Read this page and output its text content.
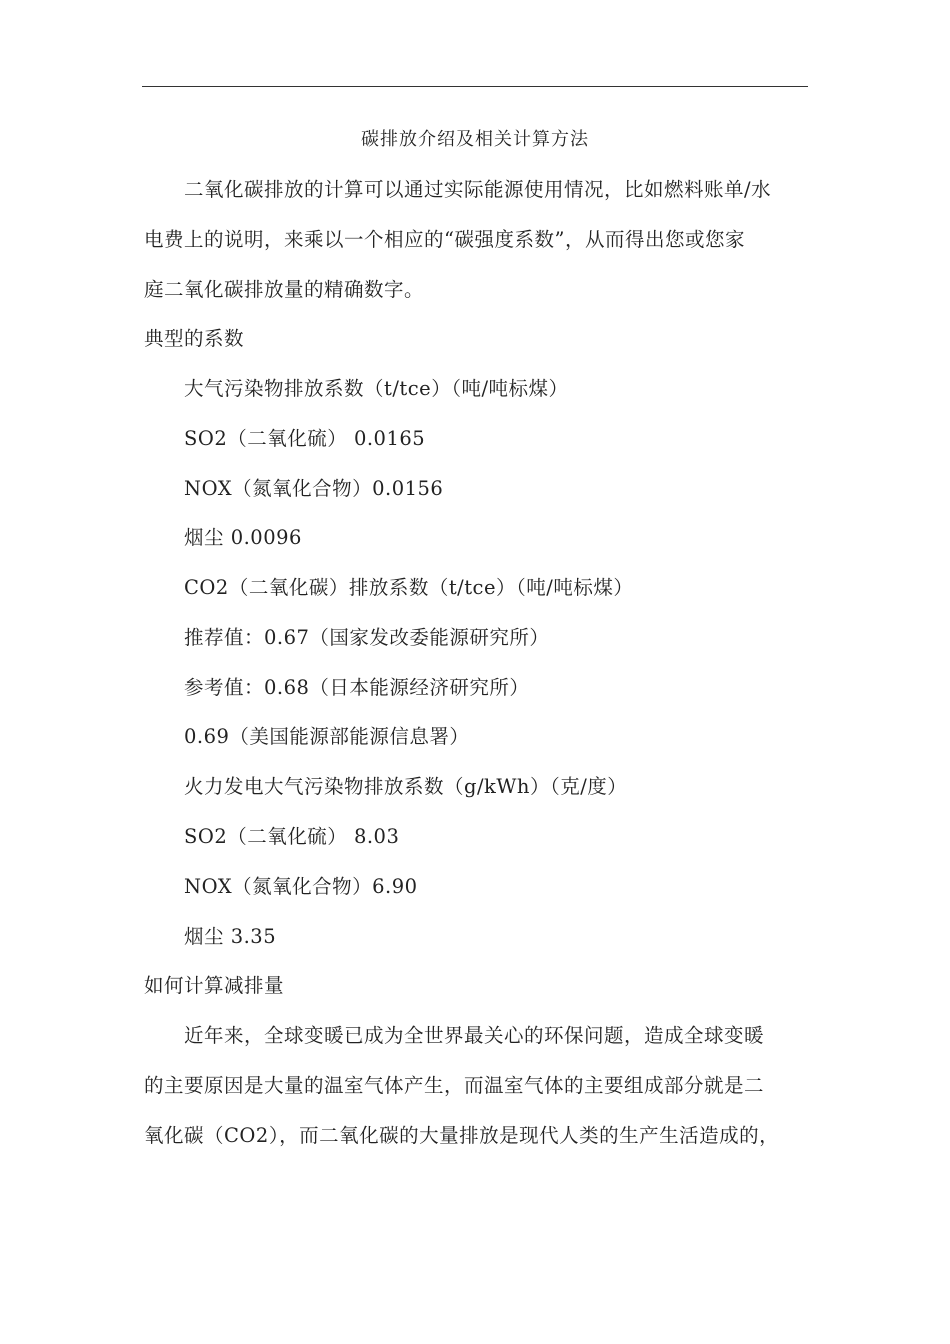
碳排放介绍及相关计算方法
二氧化碳排放的计算可以通过实际能源使用情况，比如燃料账单/水
电费上的说明，来乘以一个相应的“碳强度系数”，从而得出您或您家
庭二氧化碳排放量的精确数字。
典型的系数
大气污染物排放系数（t/tce）（吨/吨标煤）
SO2（二氧化硫） 0.0165
NOX（氮氧化合物）0.0156
烟尘 0.0096
CO2（二氧化碳）排放系数（t/tce）（吨/吨标煤）
推荐值：0.67（国家发改委能源研究所）
参考值：0.68（日本能源经济研究所）
0.69（美国能源部能源信息署）
火力发电大气污染物排放系数（g/kWh）（克/度）
SO2（二氧化硫） 8.03
NOX（氮氧化合物）6.90
烟尘 3.35
如何计算减排量
近年来，全球变暖已成为全世界最关心的环保问题，造成全球变暖
的主要原因是大量的温室气体产生，而温室气体的主要组成部分就是二
氧化碳（CO2），而二氧化碳的大量排放是现代人类的生产生活造成的，
